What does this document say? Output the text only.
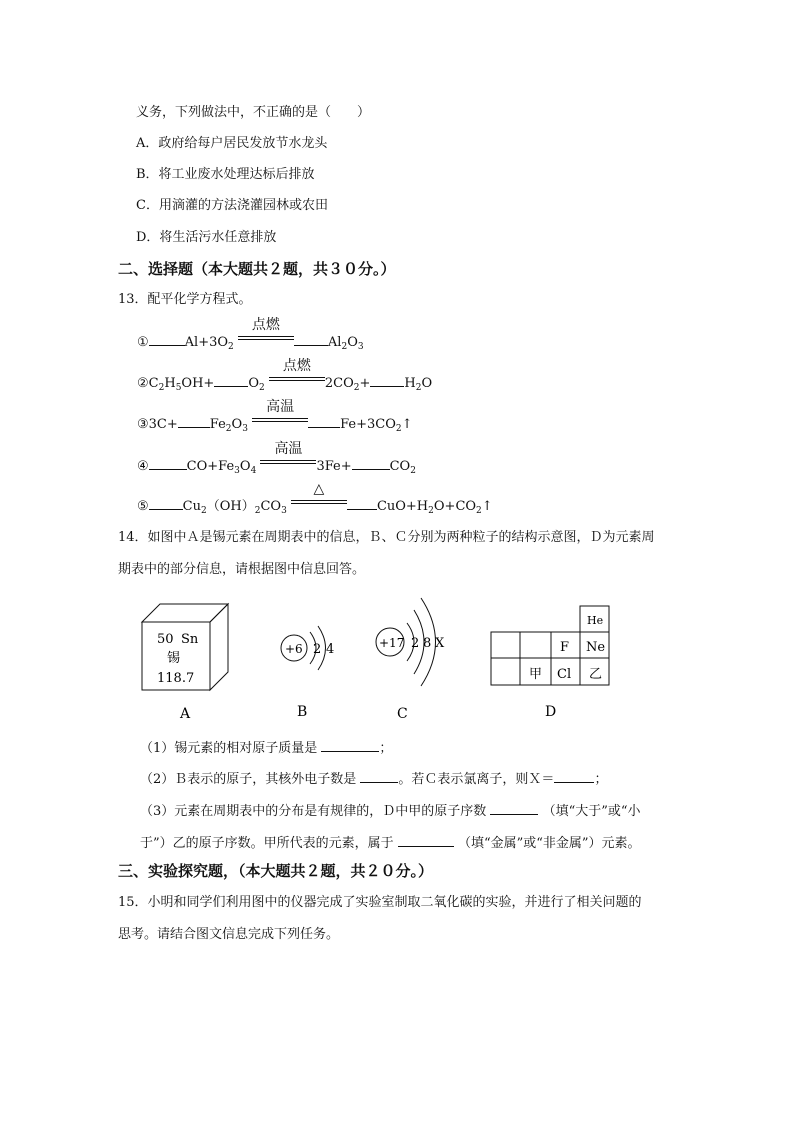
义务，下列做法中，不正确的是（　　）
A．政府给每户居民发放节水龙头
B．将工业废水处理达标后排放
C．用滴灌的方法浇灌园林或农田
D．将生活污水任意排放
二、选择题（本大题共２题，共３０分。）
13．配平化学方程式。
①	$Al+3O_2$
点燃
$Al_2O_3$
$②C_2H_5OH+$	$O_2$
点燃
$2CO_2+$	$H_2O$
③3C+ $Fe_2O_3$
高温
$Fe+3CO_2↑$
④	$CO+Fe_3O_4$
高温
3Fe+	$CO_2$
⑤	$Cu_2(OH)_2CO_3$
△
$CuO+H_2O+CO_2↑$
14．如图中Ａ是锡元素在周期表中的信息，Ｂ、Ｃ分别为两种粒子的结构示意图，Ｄ为元素周
期表中的部分信息，请根据图中信息回答。
50 Sn
锡
118.7
A
+6 2 4
B
+17 2 8 X
C
He
F Ne
甲 Cl 乙
D
（1）锡元素的相对原子质量是	；
（2）Ｂ表示的原子，其核外电子数是	。若Ｃ表示氯离子，则Ｘ＝	；
（3）元素在周期表中的分布是有规律的，Ｄ中甲的原子序数	（填“大于”或“小
于”）乙的原子序数。甲所代表的元素，属于	（填“金属”或“非金属”）元素。
三、实验探究题，（本大题共２题，共２０分。）
15．小明和同学们利用图中的仪器完成了实验室制取二氧化碳的实验，并进行了相关问题的
思考。请结合图文信息完成下列任务。
